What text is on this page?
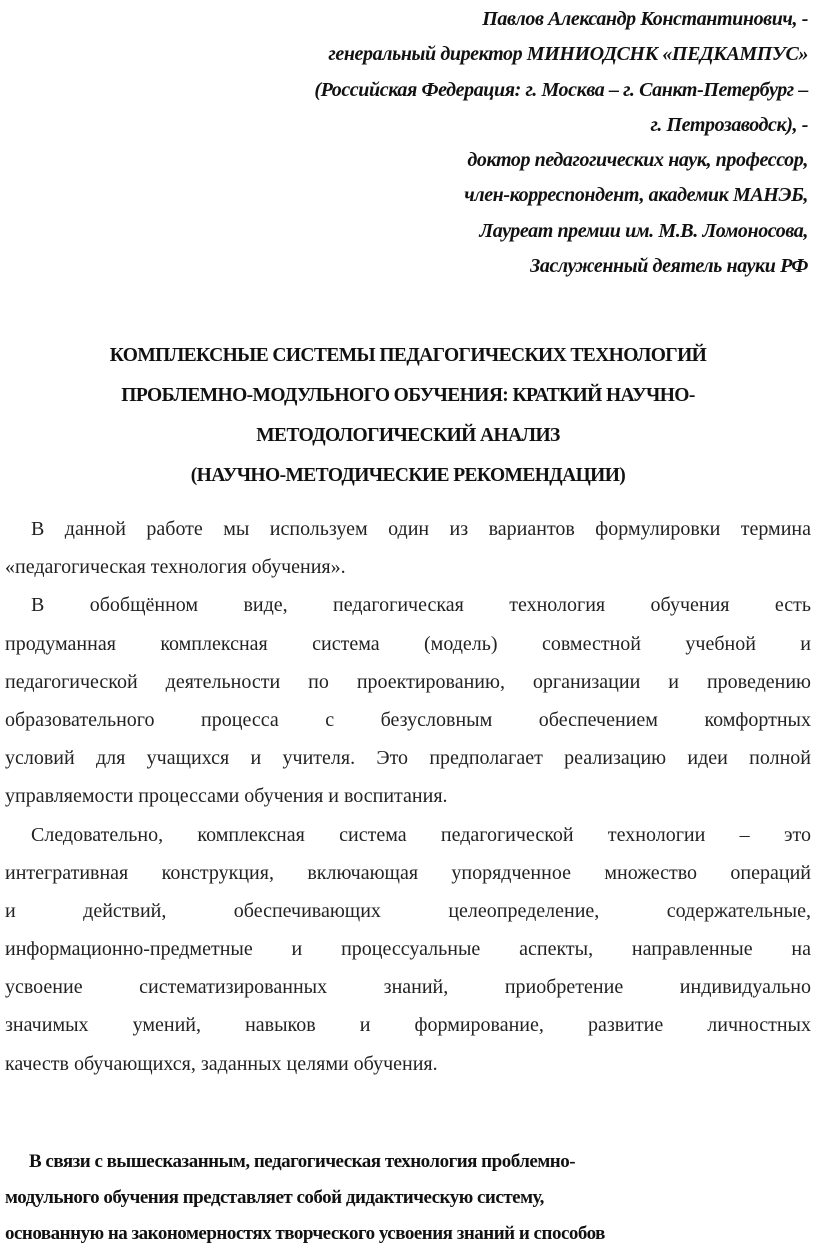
Павлов Александр Константинович, -
генеральный директор МИНИОДСНК «ПЕДКАМПУС»
(Российская Федерация: г. Москва – г. Санкт-Петербург –
г. Петрозаводск), -
доктор педагогических наук, профессор,
член-корреспондент, академик МАНЭБ,
Лауреат премии им. М.В. Ломоносова,
Заслуженный деятель науки РФ
КОМПЛЕКСНЫЕ СИСТЕМЫ ПЕДАГОГИЧЕСКИХ ТЕХНОЛОГИЙ
ПРОБЛЕМНО-МОДУЛЬНОГО ОБУЧЕНИЯ: КРАТКИЙ НАУЧНО-
МЕТОДОЛОГИЧЕСКИЙ АНАЛИЗ
(НАУЧНО-МЕТОДИЧЕСКИЕ РЕКОМЕНДАЦИИ)
В данной работе мы используем один из вариантов формулировки термина
«педагогическая технология обучения».
В обобщённом виде, педагогическая технология обучения есть
продуманная комплексная система (модель) совместной учебной и
педагогической деятельности по проектированию, организации и проведению
образовательного процесса с безусловным обеспечением комфортных
условий для учащихся и учителя. Это предполагает реализацию идеи полной
управляемости процессами обучения и воспитания.
Следовательно, комплексная система педагогической технологии – это
интегративная конструкция, включающая упорядченное множество операций
и действий, обеспечивающих целеопределение, содержательные,
информационно-предметные и процессуальные аспекты, направленные на
усвоение систематизированных знаний, приобретение индивидуально
значимых умений, навыков и формирование, развитие личностных
качеств обучающихся, заданных целями обучения.
В связи с вышесказанным, педагогическая технология проблемно-
модульного обучения представляет собой дидактическую систему,
основанную на закономерностях творческого усвоения знаний и способов
